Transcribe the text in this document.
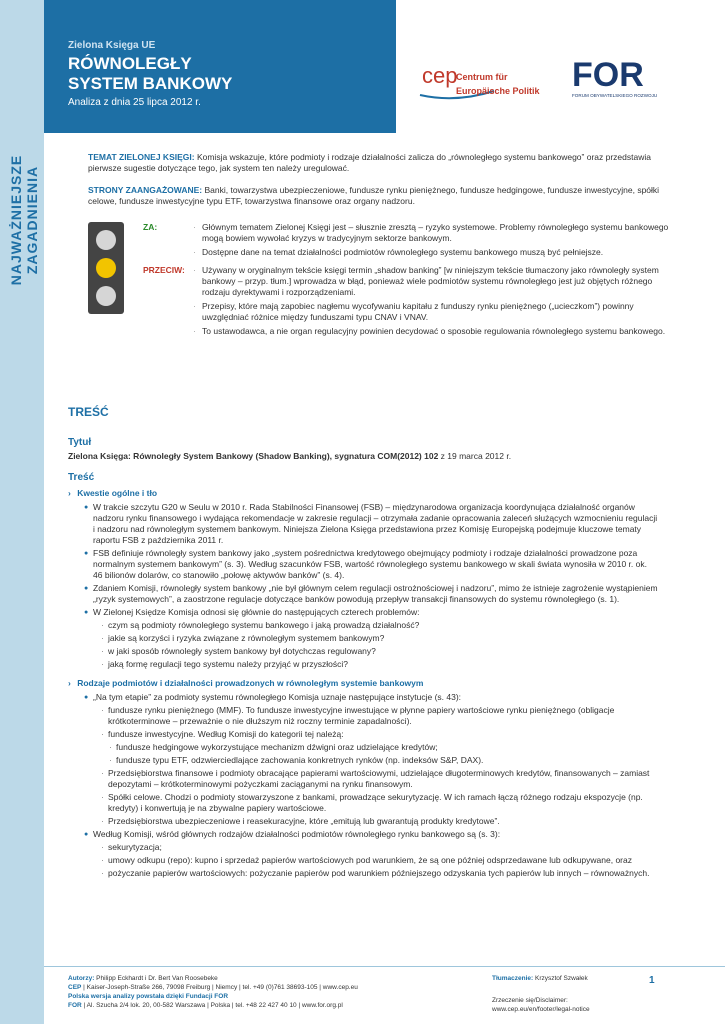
Zielona Księga UE
RÓWNOLEGŁY
SYSTEM BANKOWY
Analiza z dnia 25 lipca 2012 r.
cep
Centrum für
Europäische Politik FOR
FORUM OBYWATELSKIEGO ROZWOJU
NAJWAŻNIEJSZE ZAGADNIENIA
TEMAT ZIELONEJ KSIĘGI: Komisja wskazuje, które podmioty i rodzaje działalności zalicza do „równoległego systemu bankowego” oraz przedstawia pierwsze sugestie dotyczące tego, jak system ten należy uregulować.
STRONY ZAANGAŻOWANE: Banki, towarzystwa ubezpieczeniowe, fundusze rynku pieniężnego, fundusze hedgingowe, fundusze inwestycyjne, spółki celowe, fundusze inwestycyjne typu ETF, towarzystwa finansowe oraz organy nadzoru.
ZA:	· Głównym tematem Zielonej Księgi jest – słusznie zresztą – ryzyko systemowe. Problemy równoległego systemu bankowego mogą bowiem wywołać kryzys w tradycyjnym sektorze bankowym.
· Dostępne dane na temat działalności podmiotów równoległego systemu bankowego muszą być pełniejsze.
PRZECIW:	· Używany w oryginalnym tekście księgi termin „shadow banking” [w niniejszym tekście tłumaczony jako równoległy system bankowy – przyp. tłum.] wprowadza w błąd, ponieważ wiele podmiotów systemu równoległego jest już objętych różnego rodzaju dyrektywami i rozporządzeniami.
· Przepisy, które mają zapobiec nagłemu wycofywaniu kapitału z funduszy rynku pieniężnego („ucieczkom”) powinny uwzględniać różnice między funduszami typu CNAV i VNAV.
· To ustawodawca, a nie organ regulacyjny powinien decydować o sposobie regulowania równoległego systemu bankowego.
TREŚĆ
Tytuł
Zielona Księga: Równoległy System Bankowy (Shadow Banking), sygnatura COM(2012) 102 z 19 marca 2012 r.
Treść
› Kwestie ogólne i tło
● W trakcie szczytu G20 w Seulu w 2010 r. Rada Stabilności Finansowej (FSB) – międzynarodowa organizacja koordynująca działalność organów nadzoru rynku finansowego i wydająca rekomendacje w zakresie regulacji – otrzymała zadanie opracowania zaleceń służących wzmocnieniu regulacji i nadzoru nad równoległym systemem bankowym. Niniejsza Zielona Księga przedstawiona przez Komisję Europejską podejmuje kluczowe tematy raportu FSB z października 2011 r.
● FSB definiuje równoległy system bankowy jako „system pośrednictwa kredytowego obejmujący podmioty i rodzaje działalności prowadzone poza normalnym systemem bankowym” (s. 3). Według szacunków FSB, wartość równoległego systemu bankowego w skali świata wynosiła w 2010 r. ok. 46 bilionów dolarów, co stanowiło „połowę aktywów banków” (s. 4).
● Zdaniem Komisji, równoległy system bankowy „nie był głównym celem regulacji ostrożnościowej i nadzoru”, mimo że istnieje zagrożenie wystąpieniem „ryzyk systemowych”, a zaostrzone regulacje dotyczące banków powodują przepływ transakcji finansowych do systemu równoległego (s. 1).
● W Zielonej Księdze Komisja odnosi się głównie do następujących czterech problemów:
· czym są podmioty równoległego systemu bankowego i jaką prowadzą działalność?
· jakie są korzyści i ryzyka związane z równoległym systemem bankowym?
· w jaki sposób równoległy system bankowy był dotychczas regulowany?
· jaką formę regulacji tego systemu należy przyjąć w przyszłości?
› Rodzaje podmiotów i działalności prowadzonych w równoległym systemie bankowym
● „Na tym etapie” za podmioty systemu równoległego Komisja uznaje następujące instytucje (s. 43):
· fundusze rynku pieniężnego (MMF). To fundusze inwestycyjne inwestujące w płynne papiery wartościowe rynku pieniężnego (obligacje krótkoterminowe – przeważnie o nie dłuższym niż roczny terminie zapadalności).
· fundusze inwestycyjne. Według Komisji do kategorii tej należą:
· fundusze hedgingowe wykorzystujące mechanizm dźwigni oraz udzielające kredytów;
· fundusze typu ETF, odzwierciedlające zachowania konkretnych rynków (np. indeksów S&P, DAX).
· Przedsiębiorstwa finansowe i podmioty obracające papierami wartościowymi, udzielające długoterminowych kredytów, finansowanych – zamiast depozytami – krótkoterminowymi pożyczkami zaciąganymi na rynku finansowym.
· Spółki celowe. Chodzi o podmioty stowarzyszone z bankami, prowadzące sekurytyzację. W ich ramach łączą różnego rodzaju ekspozycje (np. kredyty) i konwertują je na zbywalne papiery wartościowe.
· Przedsiębiorstwa ubezpieczeniowe i reasekuracyjne, które „emitują lub gwarantują produkty kredytowe”.
● Według Komisji, wśród głównych rodzajów działalności podmiotów równoległego rynku bankowego są (s. 3):
· sekurytyzacja;
· umowy odkupu (repo): kupno i sprzedaż papierów wartościowych pod warunkiem, że są one później odsprzedawane lub odkupywane, oraz
· pożyczanie papierów wartościowych: pożyczanie papierów pod warunkiem późniejszego odzyskania tych papierów lub innych – równoważnych.
Autorzy: Philipp Eckhardt i Dr. Bert Van Roosebeke
CEP | Kaiser-Joseph-Straße 266, 79098 Freiburg | Niemcy | tel. +49 (0)761 38693-105 | www.cep.eu
Polska wersja analizy powstała dzięki Fundacji FOR
FOR | Al. Szucha 2/4 lok. 20, 00-582 Warszawa | Polska | tel. +48 22 427 40 10 | www.for.org.pl
Tłumaczenie: Krzysztof Szwałek
Zrzeczenie się/Disclaimer:
www.cep.eu/en/footer/legal-notice
1
